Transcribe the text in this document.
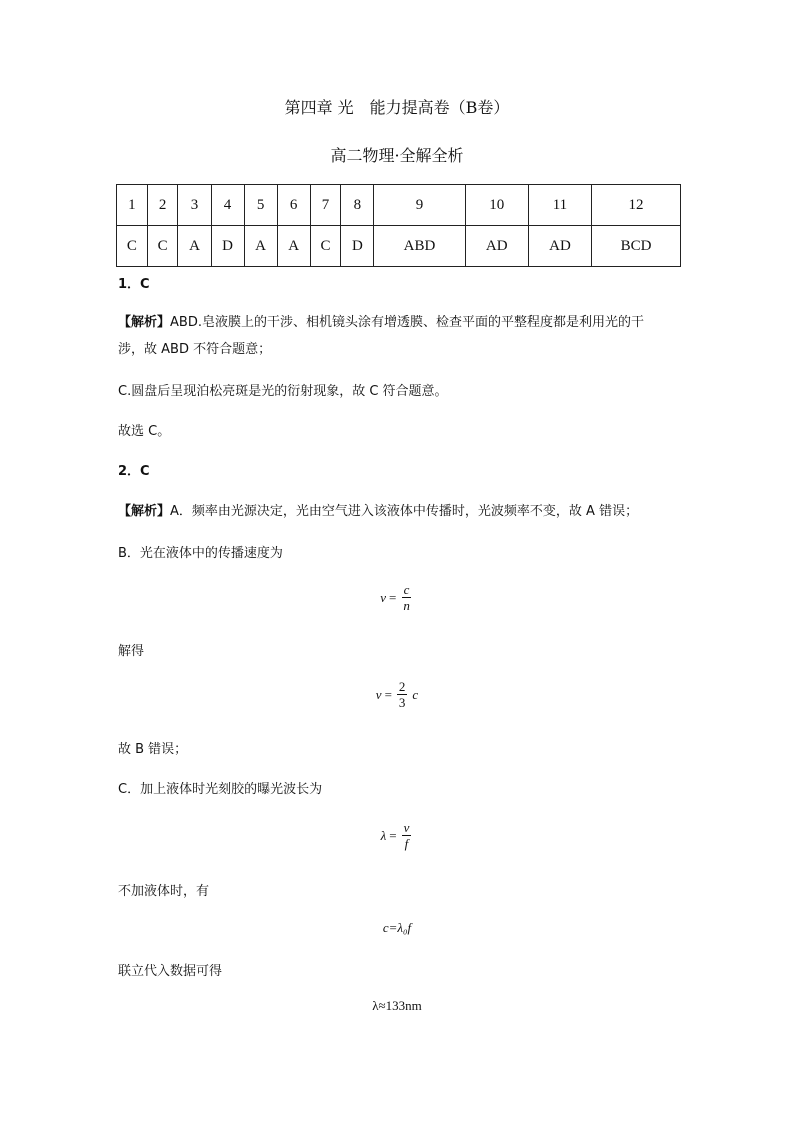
第四章 光　能力提高卷（B卷）
高二物理·全解全析
1	2	3	4	5	6	7	8	9	10	11	12
C	C	A	D	A	A	C	D	ABD	AD	AD	BCD
1．C
【解析】ABD.皂液膜上的干涉、相机镜头涂有增透膜、检查平面的平整程度都是利用光的干
涉，故 ABD 不符合题意；
C.圆盘后呈现泊松亮斑是光的衍射现象，故 C 符合题意。
故选 C。
2．C
【解析】A．频率由光源决定，光由空气进入该液体中传播时，光波频率不变，故 A 错误；
B．光在液体中的传播速度为
$v = \frac{c}{n}$
解得
$v = \frac{2}{3}$ c
故 B 错误；
C．加上液体时光刻胶的曝光波长为
$\lambda = \frac{v}{f}$
不加液体时，有
c=λ₀f
联立代入数据可得
λ≈133nm
